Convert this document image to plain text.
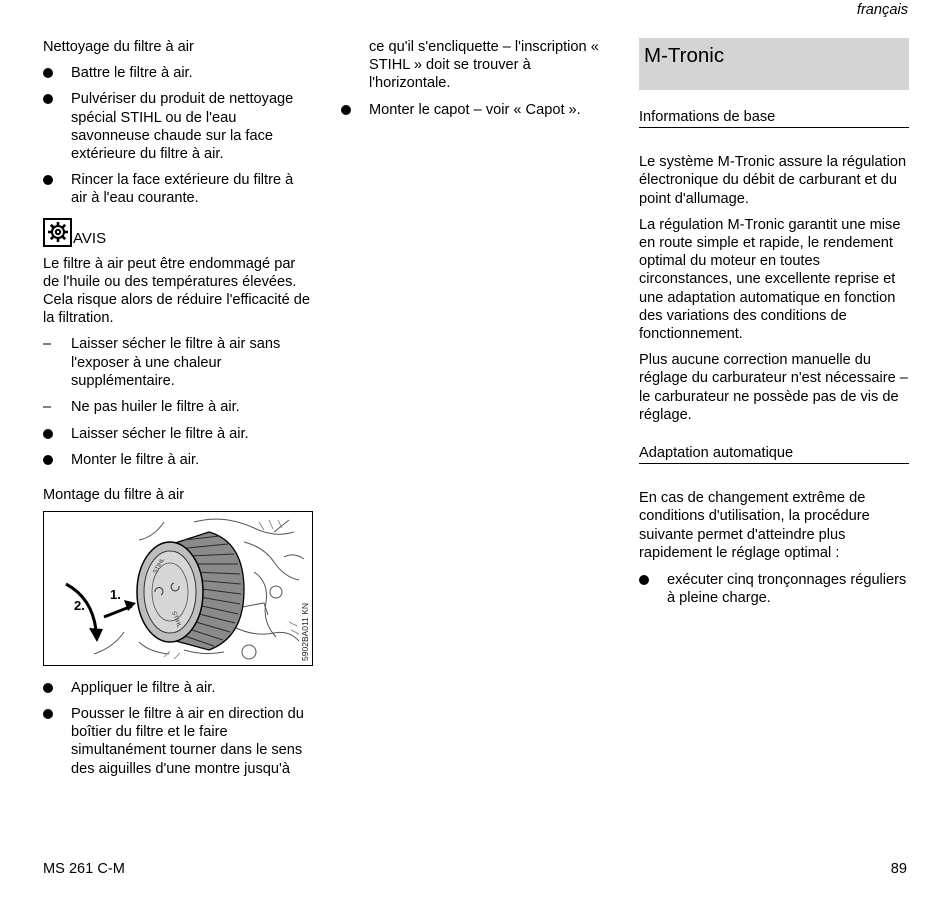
français
Nettoyage du filtre à air
Battre le filtre à air.
Pulvériser du produit de nettoyage spécial STIHL ou de l'eau savonneuse chaude sur la face extérieure du filtre à air.
Rincer la face extérieure du filtre à air à l'eau courante.
AVIS

Le filtre à air peut être endommagé par de l'huile ou des températures élevées. Cela risque alors de réduire l'efficacité de la filtration.

– Laisser sécher le filtre à air sans l'exposer à une chaleur supplémentaire.
– Ne pas huiler le filtre à air.
Laisser sécher le filtre à air.
Monter le filtre à air.
Montage du filtre à air
STIHL
STIHL
1.
2.	5902BA011 KN
Appliquer le filtre à air.
Pousser le filtre à air en direction du boîtier du filtre et le faire simultanément tourner dans le sens des aiguilles d'une montre jusqu'à
ce qu'il s'encliquette – l'inscription « STIHL » doit se trouver à l'horizontale.
Monter le capot – voir « Capot ».
M-Tronic
Informations de base

Le système M-Tronic assure la régulation électronique du débit de carburant et du point d'allumage.

La régulation M-Tronic garantit une mise en route simple et rapide, le rendement optimal du moteur en toutes circonstances, une excellente reprise et une adaptation automatique en fonction des variations des conditions de fonctionnement.

Plus aucune correction manuelle du réglage du carburateur n'est nécessaire – le carburateur ne possède pas de vis de réglage.

Adaptation automatique

En cas de changement extrême de conditions d'utilisation, la procédure suivante permet d'atteindre plus rapidement le réglage optimal :

exécuter cinq tronçonnages réguliers à pleine charge.
MS 261 C-M	89
